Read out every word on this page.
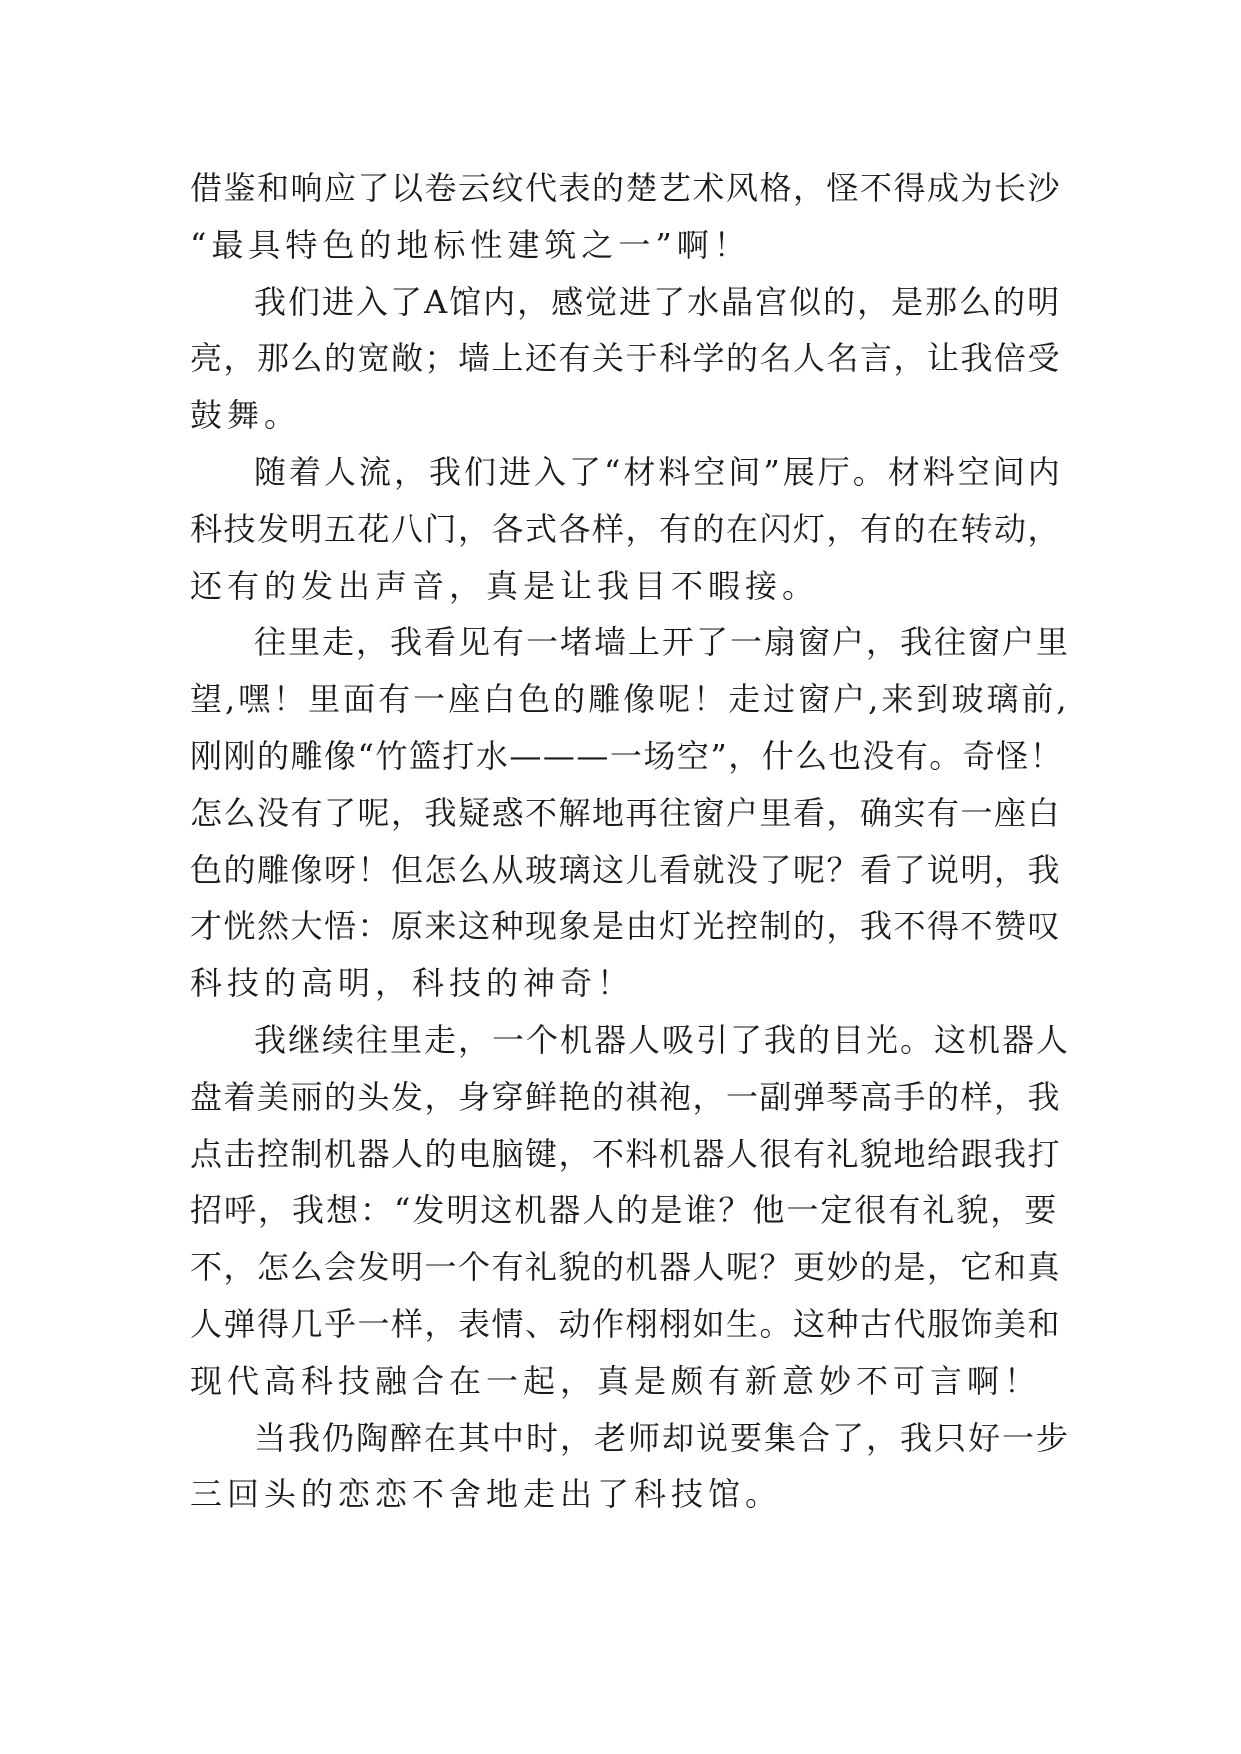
借鉴和响应了以卷云纹代表的楚艺术风格，怪不得成为长沙
“最具特色的地标性建筑之一”啊！
我们进入了A馆内，感觉进了水晶宫似的，是那么的明
亮，那么的宽敞；墙上还有关于科学的名人名言，让我倍受
鼓舞。
随着人流，我们进入了“材料空间”展厅。材料空间内
科技发明五花八门，各式各样，有的在闪灯，有的在转动，
还有的发出声音，真是让我目不暇接。
往里走，我看见有一堵墙上开了一扇窗户，我往窗户里
望,嘿！里面有一座白色的雕像呢！走过窗户,来到玻璃前,
刚刚的雕像“竹篮打水———一场空”，什么也没有。奇怪！
怎么没有了呢，我疑惑不解地再往窗户里看，确实有一座白
色的雕像呀！但怎么从玻璃这儿看就没了呢？看了说明，我
才恍然大悟：原来这种现象是由灯光控制的，我不得不赞叹
科技的高明，科技的神奇！
我继续往里走，一个机器人吸引了我的目光。这机器人
盘着美丽的头发，身穿鲜艳的祺袍，一副弹琴高手的样，我
点击控制机器人的电脑键，不料机器人很有礼貌地给跟我打
招呼，我想：“发明这机器人的是谁？他一定很有礼貌，要
不，怎么会发明一个有礼貌的机器人呢？更妙的是，它和真
人弹得几乎一样，表情、动作栩栩如生。这种古代服饰美和
现代高科技融合在一起，真是颇有新意妙不可言啊！
当我仍陶醉在其中时，老师却说要集合了，我只好一步
三回头的恋恋不舍地走出了科技馆。
